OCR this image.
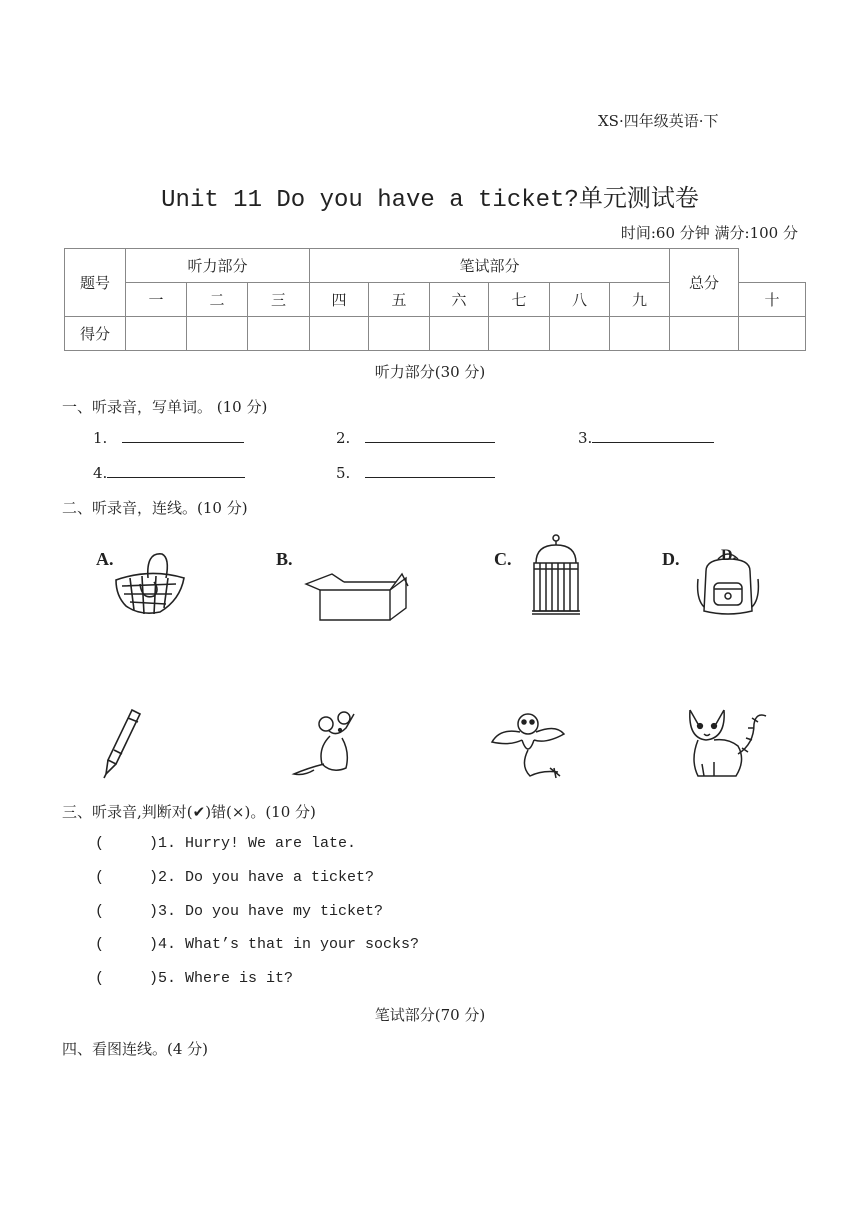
XS·四年级英语·下
Unit 11 Do you have a ticket?单元测试卷
时间:60 分钟 满分:100 分
题号	听力部分			笔试部分						总分	
	一	二	三	四	五	六	七	八	九		十
得分											
听力部分(30 分)
一、听录音，写单词。 (10 分)
1.	2.	3.
4.	5.
二、听录音，连线。(10 分)
A.	B.	C.	D.	D.
三、听录音,判断对(✔)错(×)。(10 分)
(     )1. Hurry! We are late.
(     )2. Do you have a ticket?
(     )3. Do you have my ticket?
(     )4. What’s that in your socks?
(     )5. Where is it?
笔试部分(70 分)
四、看图连线。(4 分)
